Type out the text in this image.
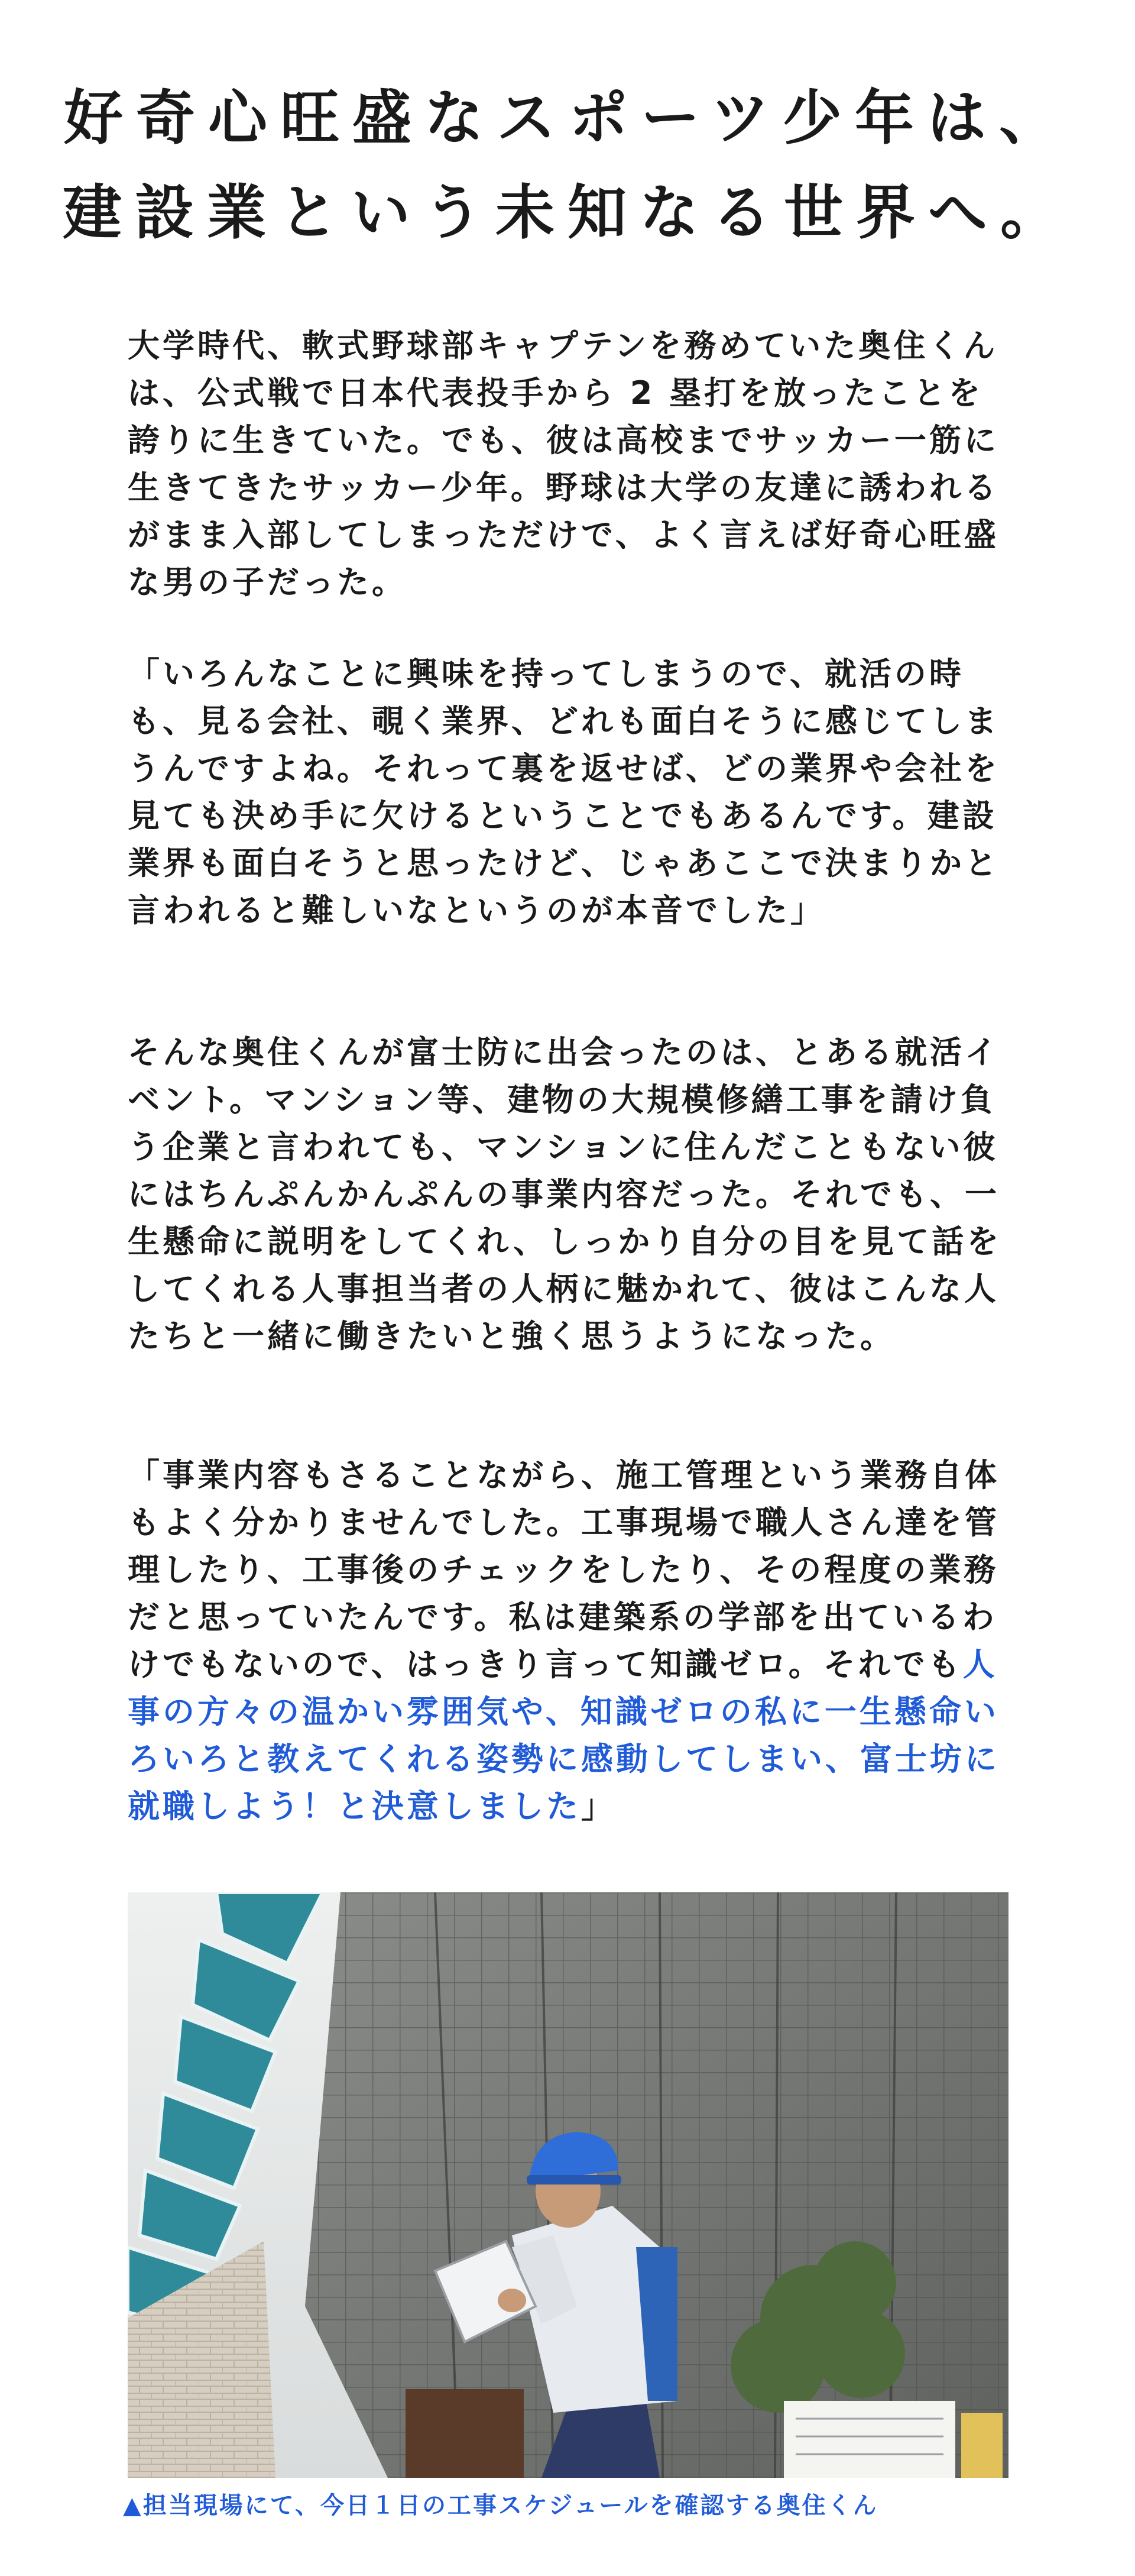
好奇心旺盛なスポーツ少年は、
建設業という未知なる世界へ。

大学時代、軟式野球部キャプテンを務めていた奥住くんは、公式戦で日本代表投手から 2 塁打を放ったことを誇りに生きていた。でも、彼は高校までサッカー一筋に生きてきたサッカー少年。野球は大学の友達に誘われるがまま入部してしまっただけで、よく言えば好奇心旺盛な男の子だった。

「いろんなことに興味を持ってしまうので、就活の時も、見る会社、覗く業界、どれも面白そうに感じてしまうんですよね。それって裏を返せば、どの業界や会社を見ても決め手に欠けるということでもあるんです。建設業界も面白そうと思ったけど、じゃあここで決まりかと言われると難しいなというのが本音でした」

そんな奥住くんが富士防に出会ったのは、とある就活イベント。マンション等、建物の大規模修繕工事を請け負う企業と言われても、マンションに住んだこともない彼にはちんぷんかんぷんの事業内容だった。それでも、一生懸命に説明をしてくれ、しっかり自分の目を見て話をしてくれる人事担当者の人柄に魅かれて、彼はこんな人たちと一緒に働きたいと強く思うようになった。

「事業内容もさることながら、施工管理という業務自体もよく分かりませんでした。工事現場で職人さん達を管理したり、工事後のチェックをしたり、その程度の業務だと思っていたんです。私は建築系の学部を出ているわけでもないので、はっきり言って知識ゼロ。それでも人事の方々の温かい雰囲気や、知識ゼロの私に一生懸命いろいろと教えてくれる姿勢に感動してしまい、富士坊に就職しよう！と決意しました」

▲担当現場にて、今日１日の工事スケジュールを確認する奥住くん
